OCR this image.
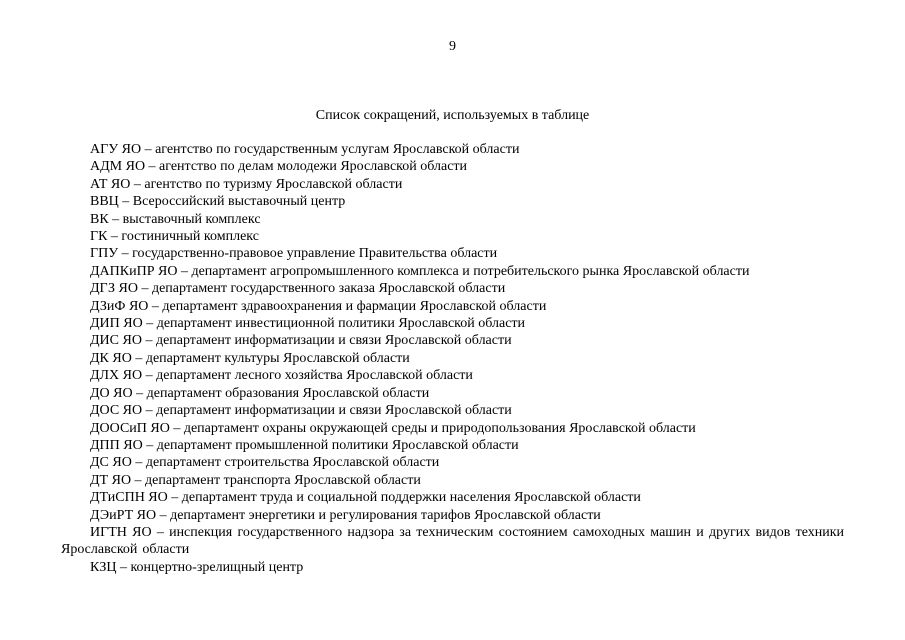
9
Список сокращений, используемых в таблице
АГУ ЯО – агентство по государственным услугам Ярославской области
АДМ ЯО – агентство по делам молодежи Ярославской области
АТ ЯО – агентство по туризму Ярославской области
ВВЦ – Всероссийский выставочный центр
ВК – выставочный комплекс
ГК – гостиничный комплекс
ГПУ – государственно-правовое управление Правительства области
ДАПКиПР ЯО – департамент агропромышленного комплекса и потребительского рынка Ярославской области
ДГЗ ЯО – департамент государственного заказа Ярославской области
ДЗиФ ЯО – департамент здравоохранения и фармации Ярославской области
ДИП ЯО – департамент инвестиционной политики Ярославской области
ДИС ЯО – департамент информатизации и связи Ярославской области
ДК ЯО – департамент культуры Ярославской области
ДЛХ ЯО – департамент лесного хозяйства Ярославской области
ДО ЯО – департамент образования Ярославской области
ДОС ЯО – департамент информатизации и связи Ярославской области
ДООСиП ЯО – департамент охраны окружающей среды и природопользования Ярославской области
ДПП ЯО – департамент промышленной политики Ярославской области
ДС ЯО – департамент строительства Ярославской области
ДТ ЯО – департамент транспорта Ярославской области
ДТиСПН ЯО – департамент труда и социальной поддержки населения Ярославской области
ДЭиРТ ЯО – департамент энергетики и регулирования тарифов Ярославской области
ИГТН ЯО – инспекция государственного надзора за техническим состоянием самоходных машин и других видов техники Ярославской области
КЗЦ – концертно-зрелищный центр
